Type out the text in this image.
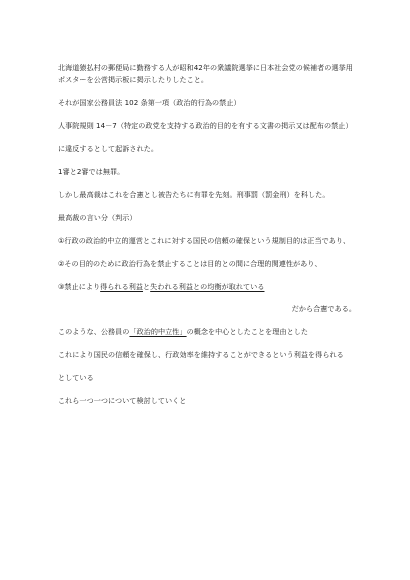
北海道猿払村の郵便局に勤務する人が昭和42年の衆議院選挙に日本社会党の候補者の選挙用ポスターを公営掲示板に掲示したりしたこと。

それが国家公務員法 102 条第一項（政治的行為の禁止）

人事院規則 14－7（特定の政党を支持する政治的目的を有する文書の掲示又は配布の禁止）

に違反するとして起訴された。

1審と2審では無罪。

しかし最高裁はこれを合憲とし被告たちに有罪を先刻。刑事罰（罰金刑）を科した。

最高裁の言い分（判示）

①行政の政治的中立的運営とこれに対する国民の信頼の確保という規制目的は正当であり、

②その目的のために政治行為を禁止することは目的との間に合理的関連性があり、

③禁止により得られる利益と失われる利益との均衡が取れている

だから合憲である。

このような、公務員の「政治的中立性」の概念を中心としたことを理由とした

これにより国民の信頼を確保し、行政効率を維持することができるという利益を得られる

としている

これら一つ一つについて検討していくと
